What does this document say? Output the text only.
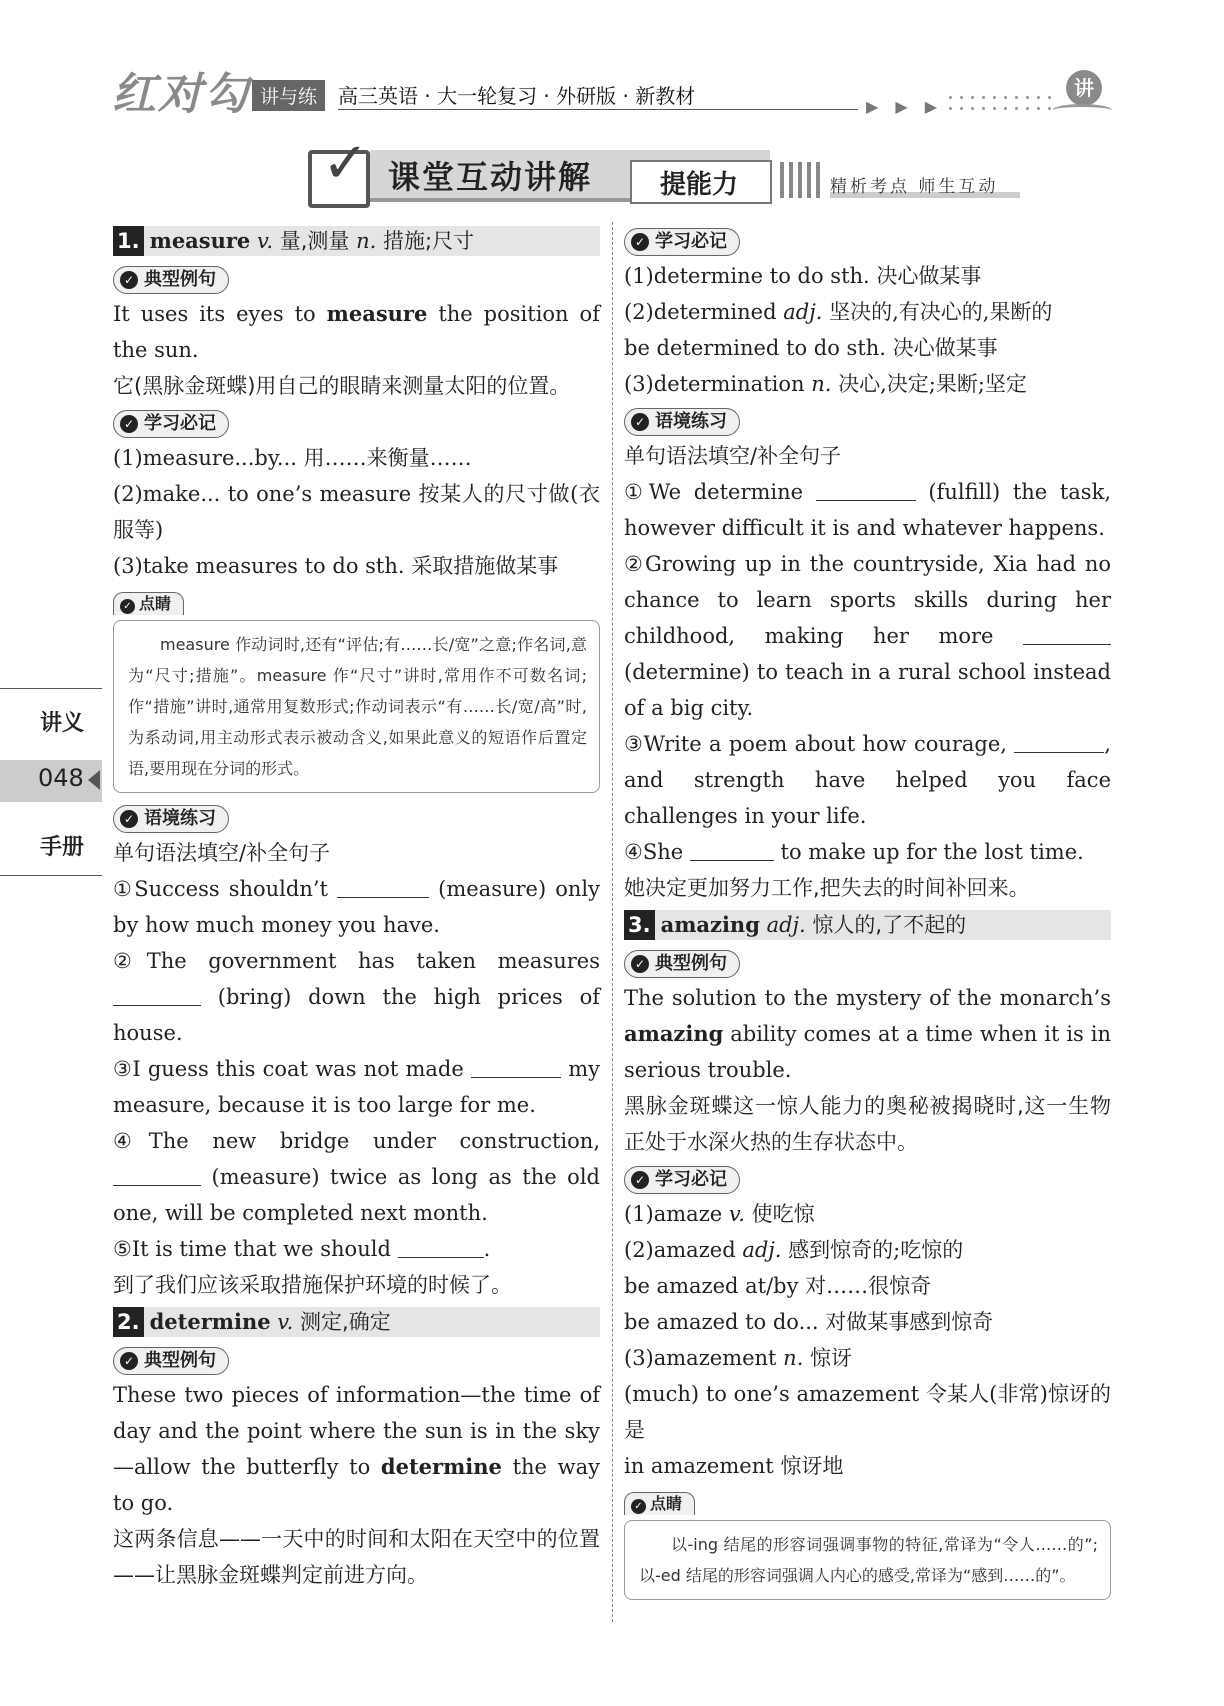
红对勾 讲与练	高三英语 · 大一轮复习 · 外研版 · 新教材	▶ ▶ ▶
讲
✓ 课堂互动讲解	提能力	精析考点 师生互动
讲义
048
手册
1. measure v. 量,测量 n. 措施;尺寸
✓ 典型例句

It uses its eyes to measure the position of the sun.

它(黑脉金斑蝶)用自己的眼睛来测量太阳的位置。

✓ 学习必记

(1)measure...by... 用……来衡量……

(2)make... to one’s measure 按某人的尺寸做(衣服等)

(3)take measures to do sth. 采取措施做某事

✓ 点睛
measure 作动词时,还有“评估;有……长/宽”之意;作名词,意为“尺寸;措施”。measure 作“尺寸”讲时,常用作不可数名词;作“措施”讲时,通常用复数形式;作动词表示“有……长/宽/高”时,为系动词,用主动形式表示被动含义,如果此意义的短语作后置定语,要用现在分词的形式。
✓ 语境练习

单句语法填空/补全句子

①Success shouldn’t	(measure) only by how much money you have.

②The government has taken measures  (bring) down the high prices of house.

③I guess this coat was not made	my measure, because it is too large for me.

④The new bridge under construction,  (measure) twice as long as the old one, will be completed next month.

⑤It is time that we should	.

到了我们应该采取措施保护环境的时候了。

2. determine v. 测定,确定
✓ 典型例句

These two pieces of information—the time of day and the point where the sun is in the sky—allow the butterfly to determine the way to go.

这两条信息——一天中的时间和太阳在天空中的位置——让黑脉金斑蝶判定前进方向。

✓ 学习必记

(1)determine to do sth. 决心做某事

(2)determined adj. 坚决的,有决心的,果断的

be determined to do sth. 决心做某事

(3)determination n. 决心,决定;果断;坚定

✓ 语境练习

单句语法填空/补全句子

①We determine	(fulfill) the task, however difficult it is and whatever happens.

②Growing up in the countryside, Xia had no chance to learn sports skills during her childhood, making her more  (determine) to teach in a rural school instead of a big city.

③Write a poem about how courage,	, and strength have helped you face challenges in your life.

④She	to make up for the lost time.

她决定更加努力工作,把失去的时间补回来。

3. amazing adj. 惊人的,了不起的
✓ 典型例句

The solution to the mystery of the monarch’s amazing ability comes at a time when it is in serious trouble.

黑脉金斑蝶这一惊人能力的奥秘被揭晓时,这一生物正处于水深火热的生存状态中。

✓ 学习必记

(1)amaze v. 使吃惊

(2)amazed adj. 感到惊奇的;吃惊的

be amazed at/by 对……很惊奇

be amazed to do... 对做某事感到惊奇

(3)amazement n. 惊讶

(much) to one’s amazement 令某人(非常)惊讶的是

in amazement 惊讶地

✓ 点睛
以-ing 结尾的形容词强调事物的特征,常译为“令人……的”;以-ed 结尾的形容词强调人内心的感受,常译为“感到……的”。
